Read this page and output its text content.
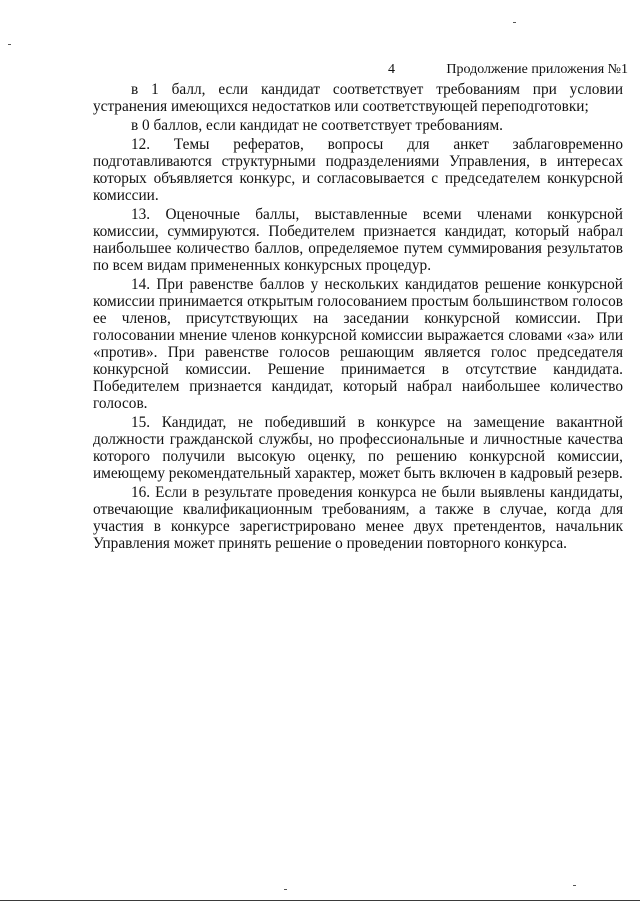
4	Продолжение приложения №1

в 1 балл, если кандидат соответствует требованиям при условии устранения имеющихся недостатков или соответствующей переподготовки;

в 0 баллов, если кандидат не соответствует требованиям.

12. Темы рефератов, вопросы для анкет заблаговременно подготавливаются структурными подразделениями Управления, в интересах которых объявляется конкурс, и согласовывается с председателем конкурсной комиссии.

13. Оценочные баллы, выставленные всеми членами конкурсной комиссии, суммируются. Победителем признается кандидат, который набрал наибольшее количество баллов, определяемое путем суммирования результатов по всем видам примененных конкурсных процедур.

14. При равенстве баллов у нескольких кандидатов решение конкурсной комиссии принимается открытым голосованием простым большинством голосов ее членов, присутствующих на заседании конкурсной комиссии. При голосовании мнение членов конкурсной комиссии выражается словами «за» или «против». При равенстве голосов решающим является голос председателя конкурсной комиссии. Решение принимается в отсутствие кандидата. Победителем признается кандидат, который набрал наибольшее количество голосов.

15. Кандидат, не победивший в конкурсе на замещение вакантной должности гражданской службы, но профессиональные и личностные качества которого получили высокую оценку, по решению конкурсной комиссии, имеющему рекомендательный характер, может быть включен в кадровый резерв.

16. Если в результате проведения конкурса не были выявлены кандидаты, отвечающие квалификационным требованиям, а также в случае, когда для участия в конкурсе зарегистрировано менее двух претендентов, начальник Управления может принять решение о проведении повторного конкурса.
